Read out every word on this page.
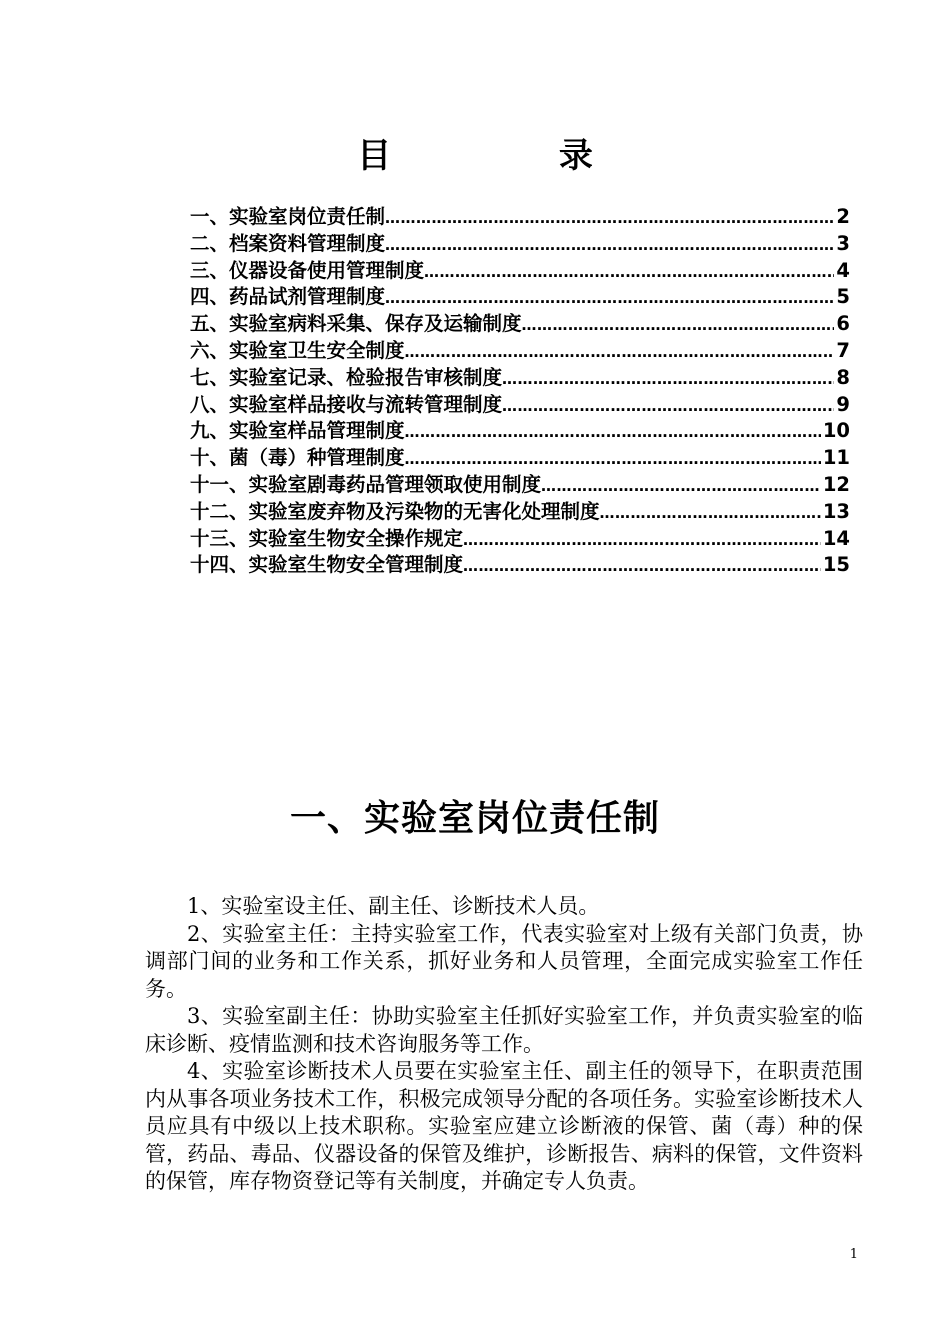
目 录
一、实验室岗位责任制 ……………………………………………………………………………………………………………………………………	2
二、档案资料管理制度 ……………………………………………………………………………………………………………………………………	3
三、仪器设备使用管理制度 ……………………………………………………………………………………………………………………………………	4
四、药品试剂管理制度 ……………………………………………………………………………………………………………………………………	5
五、实验室病料采集、保存及运输制度 ……………………………………………………………………………………………………………………………………	6
六、实验室卫生安全制度 ……………………………………………………………………………………………………………………………………	7
七、实验室记录、检验报告审核制度 ……………………………………………………………………………………………………………………………………	8
八、实验室样品接收与流转管理制度 ……………………………………………………………………………………………………………………………………	9
九、实验室样品管理制度 ……………………………………………………………………………………………………………………………………	10
十、菌（毒）种管理制度 ……………………………………………………………………………………………………………………………………	11
十一、实验室剧毒药品管理领取使用制度 ……………………………………………………………………………………………………………………………………	12
十二、实验室废弃物及污染物的无害化处理制度 ……………………………………………………………………………………………………………………………………	13
十三、实验室生物安全操作规定 ……………………………………………………………………………………………………………………………………	14
十四、实验室生物安全管理制度 ……………………………………………………………………………………………………………………………………	15
一、实验室岗位责任制

1、实验室设主任、副主任、诊断技术人员。

2、实验室主任：主持实验室工作，代表实验室对上级有关部门负责，协调部门间的业务和工作关系，抓好业务和人员管理，全面完成实验室工作任务。

3、实验室副主任：协助实验室主任抓好实验室工作，并负责实验室的临床诊断、疫情监测和技术咨询服务等工作。

4、实验室诊断技术人员要在实验室主任、副主任的领导下，在职责范围内从事各项业务技术工作，积极完成领导分配的各项任务。实验室诊断技术人员应具有中级以上技术职称。实验室应建立诊断液的保管、菌（毒）种的保管，药品、毒品、仪器设备的保管及维护，诊断报告、病料的保管，文件资料的保管，库存物资登记等有关制度，并确定专人负责。

1
